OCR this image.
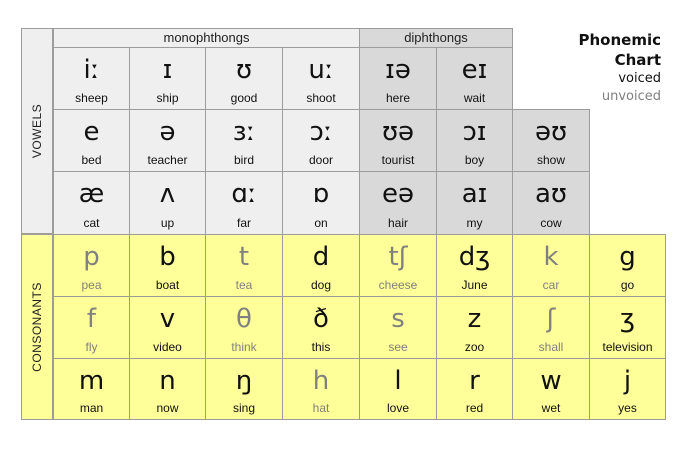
VOWELS
CONSONANTS
monophthongs	diphthongs	Phonemic
Chart
voiced
unvoiced
iː
sheep
ɪ
ship
ʊ
good
uː
shoot
ɪə
here
eɪ
wait
e
bed
ə
teacher
ɜː
bird
ɔː
door
ʊə
tourist
ɔɪ
boy
əʊ
show
æ
cat
ʌ
up
ɑː
far
ɒ
on
eə
hair
aɪ
my
aʊ
cow
p
pea
b
boat
t
tea
d
dog
tʃ
cheese
dʒ
June
k
car
g
go
f
fly
v
video
θ
think
ð
this
s
see
z
zoo
ʃ
shall
ʒ
television
m
man
n
now
ŋ
sing
h
hat
l
love
r
red
w
wet
j
yes
